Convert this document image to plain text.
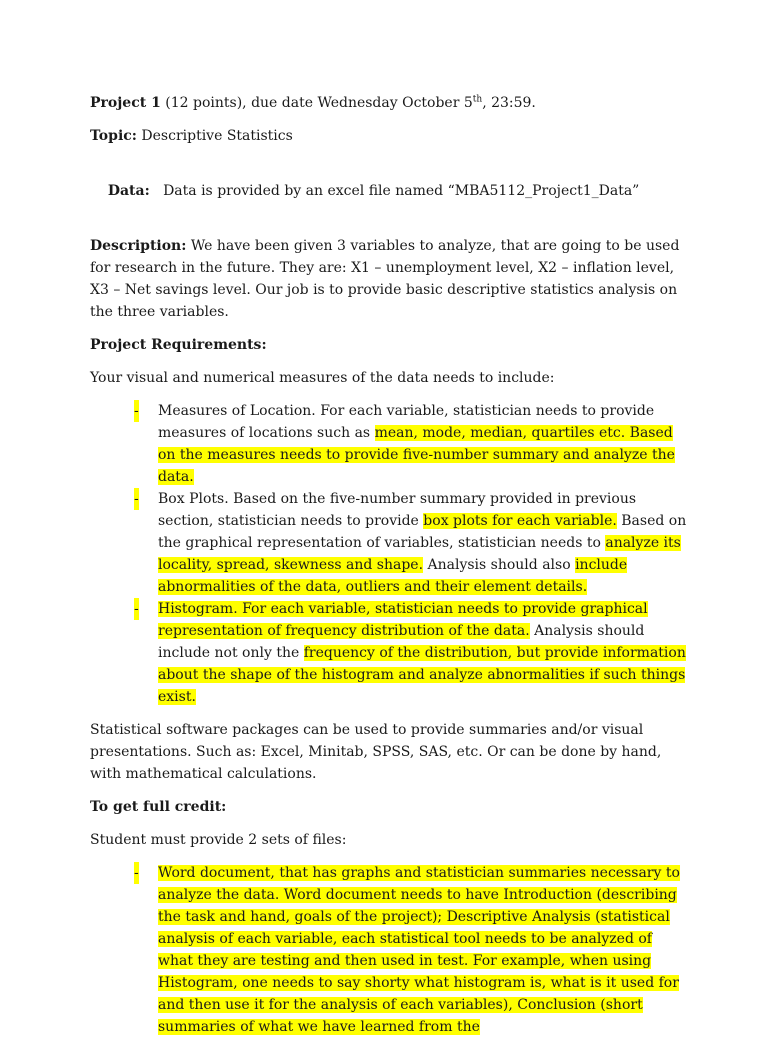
Project 1 (12 points), due date Wednesday October 5th, 23:59.

Topic: Descriptive Statistics

Data:   Data is provided by an excel file named “MBA5112_Project1_Data”

Description: We have been given 3 variables to analyze, that are going to be used for research in the future. They are: X1 – unemployment level, X2 – inflation level, X3 – Net savings level. Our job is to provide basic descriptive statistics analysis on the three variables.

Project Requirements:

Your visual and numerical measures of the data needs to include:

- Measures of Location. For each variable, statistician needs to provide measures of locations such as mean, mode, median, quartiles etc. Based on the measures needs to provide five-number summary and analyze the data.
- Box Plots. Based on the five-number summary provided in previous section, statistician needs to provide box plots for each variable. Based on the graphical representation of variables, statistician needs to analyze its locality, spread, skewness and shape. Analysis should also include abnormalities of the data, outliers and their element details.
- Histogram. For each variable, statistician needs to provide graphical representation of frequency distribution of the data. Analysis should include not only the frequency of the distribution, but provide information about the shape of the histogram and analyze abnormalities if such things exist.

Statistical software packages can be used to provide summaries and/or visual presentations. Such as: Excel, Minitab, SPSS, SAS, etc. Or can be done by hand, with mathematical calculations.

To get full credit:

Student must provide 2 sets of files:

- Word document, that has graphs and statistician summaries necessary to analyze the data. Word document needs to have Introduction (describing the task and hand, goals of the project); Descriptive Analysis (statistical analysis of each variable, each statistical tool needs to be analyzed of what they are testing and then used in test. For example, when using Histogram, one needs to say shorty what histogram is, what is it used for and then use it for the analysis of each variables), Conclusion (short summaries of what we have learned from the
